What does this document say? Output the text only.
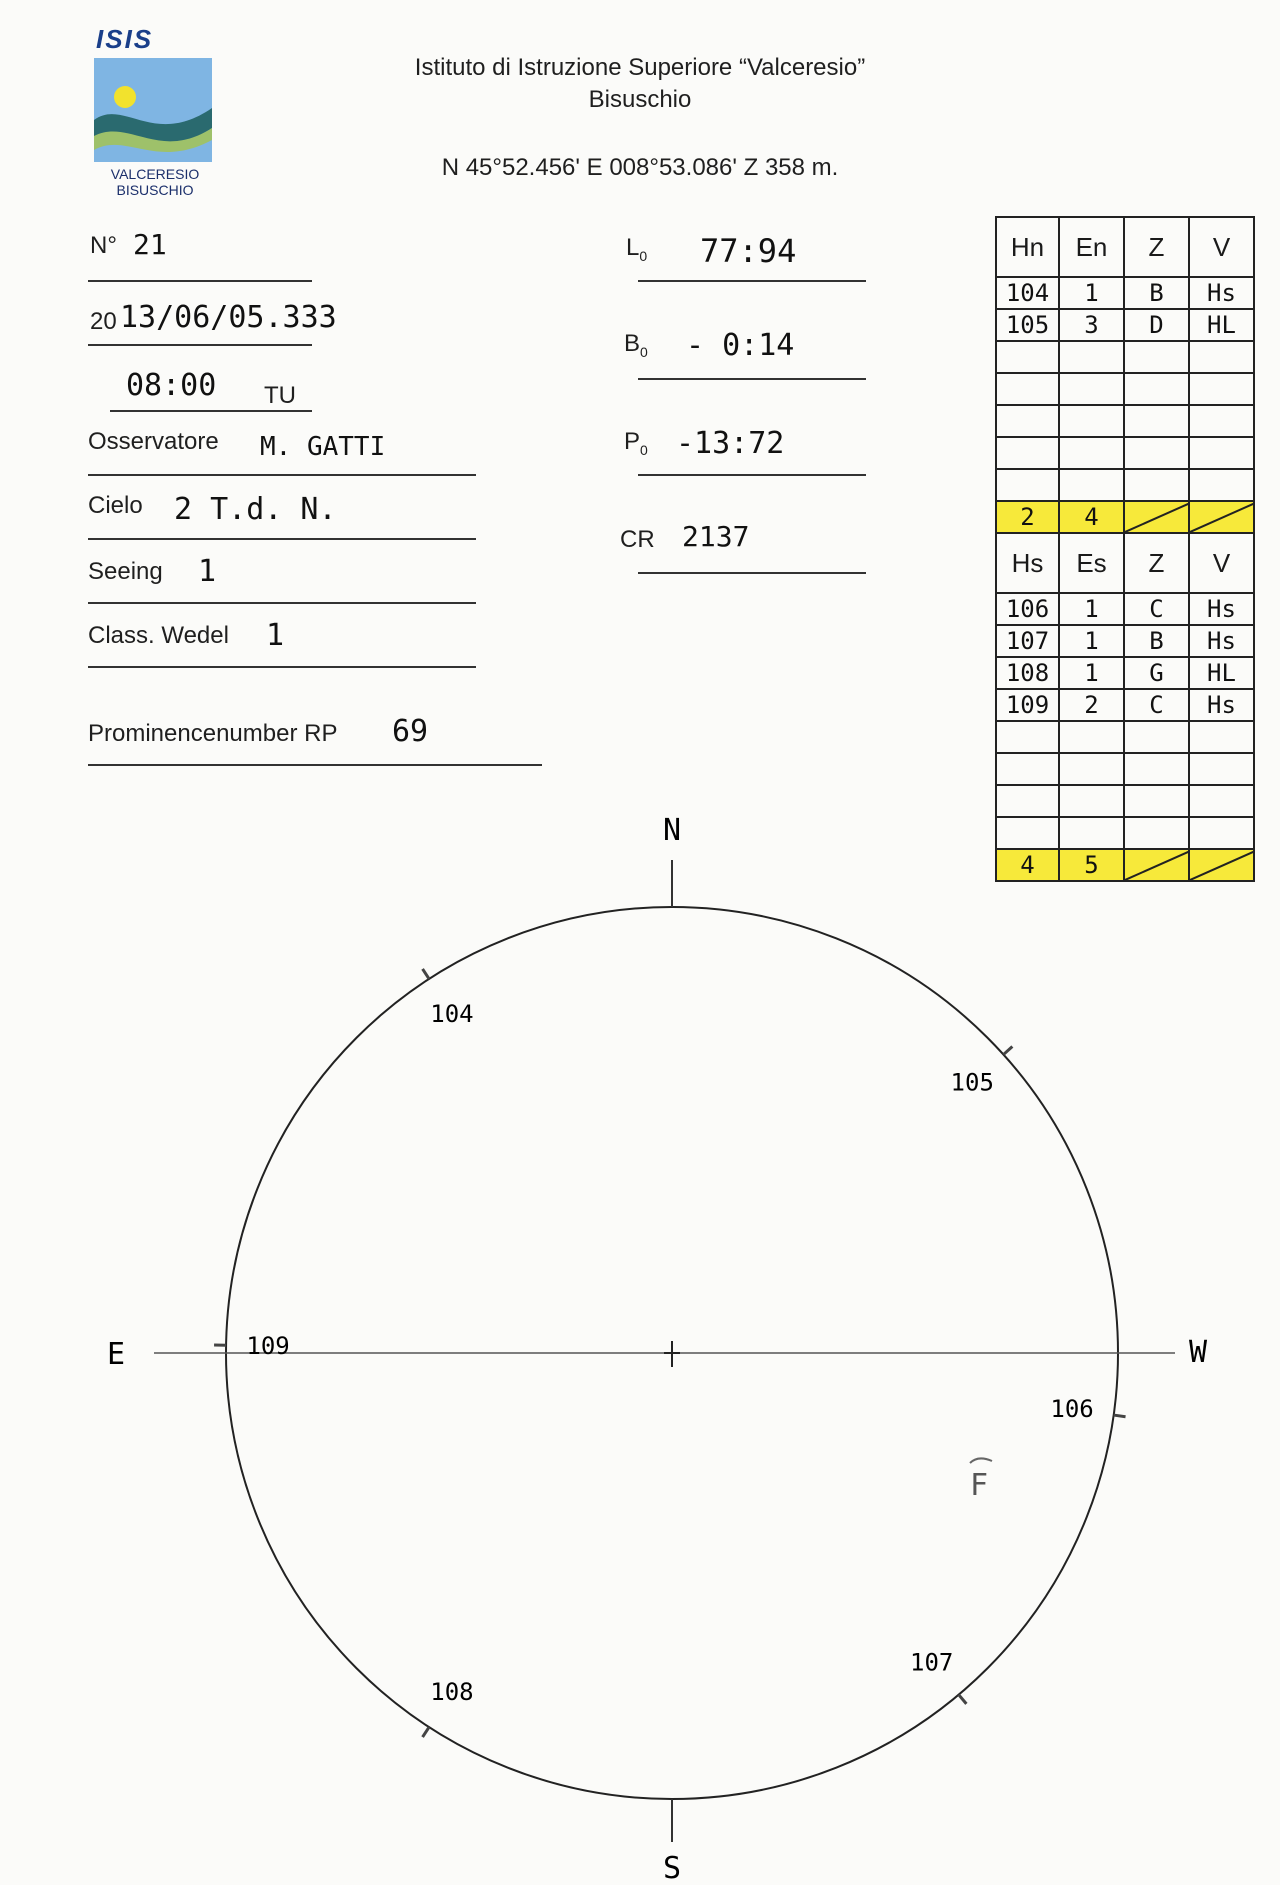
ISIS
VALCERESIO
BISUSCHIO
Istituto di Istruzione Superiore “Valceresio”
Bisuschio
N 45°52.456' E 008°53.086' Z 358 m.
N° 21
20 13/06/05.333
08:00 TU
Osservatore M. GATTI
Cielo 2 T.d. N.
Seeing 1
Class. Wedel 1
Prominencenumber RP 69
$L_0$ 77:94
$B_0$ - 0:14
$P_0$ -13:72
CR 2137
Hn	En	Z	V
104	1	B	Hs
105	3	D	HL
2	4
Hs	Es	Z	V
106	1	C	Hs
107	1	B	Hs
108	1	G	HL
109	2	C	Hs
4	5
N
S
E	W
F
104
105
106
107
108
109
